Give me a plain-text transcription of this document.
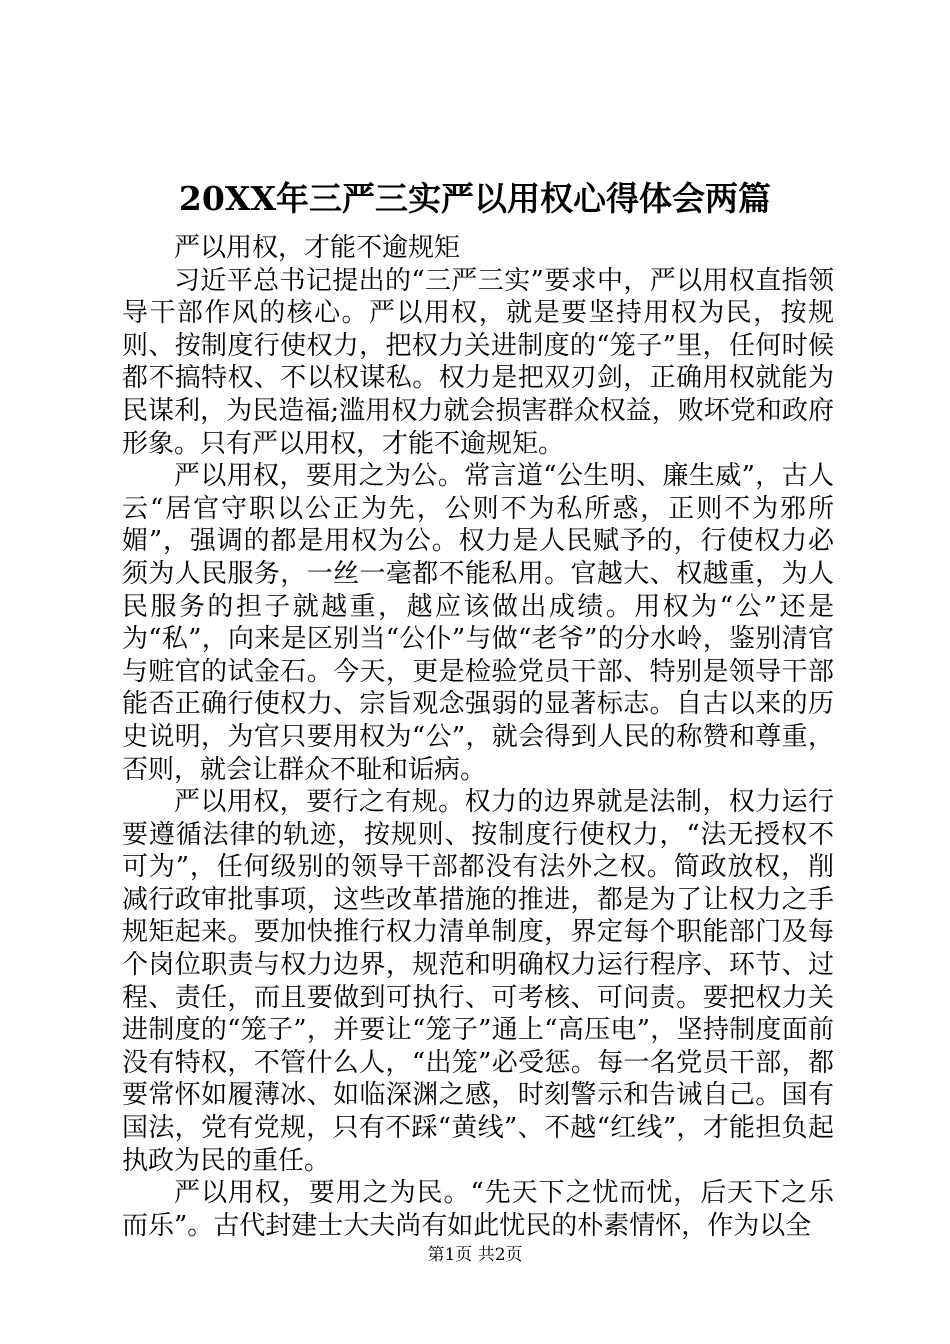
20XX年三严三实严以用权心得体会两篇

严以用权，才能不逾规矩

习近平总书记提出的“三严三实”要求中，严以用权直指领导干部作风的核心。严以用权，就是要坚持用权为民，按规则、按制度行使权力，把权力关进制度的“笼子”里，任何时候都不搞特权、不以权谋私。权力是把双刃剑，正确用权就能为民谋利，为民造福;滥用权力就会损害群众权益，败坏党和政府形象。只有严以用权，才能不逾规矩。

严以用权，要用之为公。常言道“公生明、廉生威”，古人云“居官守职以公正为先，公则不为私所惑，正则不为邪所媚”，强调的都是用权为公。权力是人民赋予的，行使权力必须为人民服务，一丝一毫都不能私用。官越大、权越重，为人民服务的担子就越重，越应该做出成绩。用权为“公”还是为“私”，向来是区别当“公仆”与做“老爷”的分水岭，鉴别清官与赃官的试金石。今天，更是检验党员干部、特别是领导干部能否正确行使权力、宗旨观念强弱的显著标志。自古以来的历史说明，为官只要用权为“公”，就会得到人民的称赞和尊重，否则，就会让群众不耻和诟病。

严以用权，要行之有规。权力的边界就是法制，权力运行要遵循法律的轨迹，按规则、按制度行使权力，“法无授权不可为”，任何级别的领导干部都没有法外之权。简政放权，削减行政审批事项，这些改革措施的推进，都是为了让权力之手规矩起来。要加快推行权力清单制度，界定每个职能部门及每个岗位职责与权力边界，规范和明确权力运行程序、环节、过程、责任，而且要做到可执行、可考核、可问责。要把权力关进制度的“笼子”，并要让“笼子”通上“高压电”，坚持制度面前没有特权，不管什么人，“出笼”必受惩。每一名党员干部，都要常怀如履薄冰、如临深渊之感，时刻警示和告诫自己。国有国法，党有党规，只有不踩“黄线”、不越“红线”，才能担负起执政为民的重任。

严以用权，要用之为民。“先天下之忧而忧，后天下之乐而乐”。古代封建士大夫尚有如此忧民的朴素情怀，作为以全

第1页 共2页
